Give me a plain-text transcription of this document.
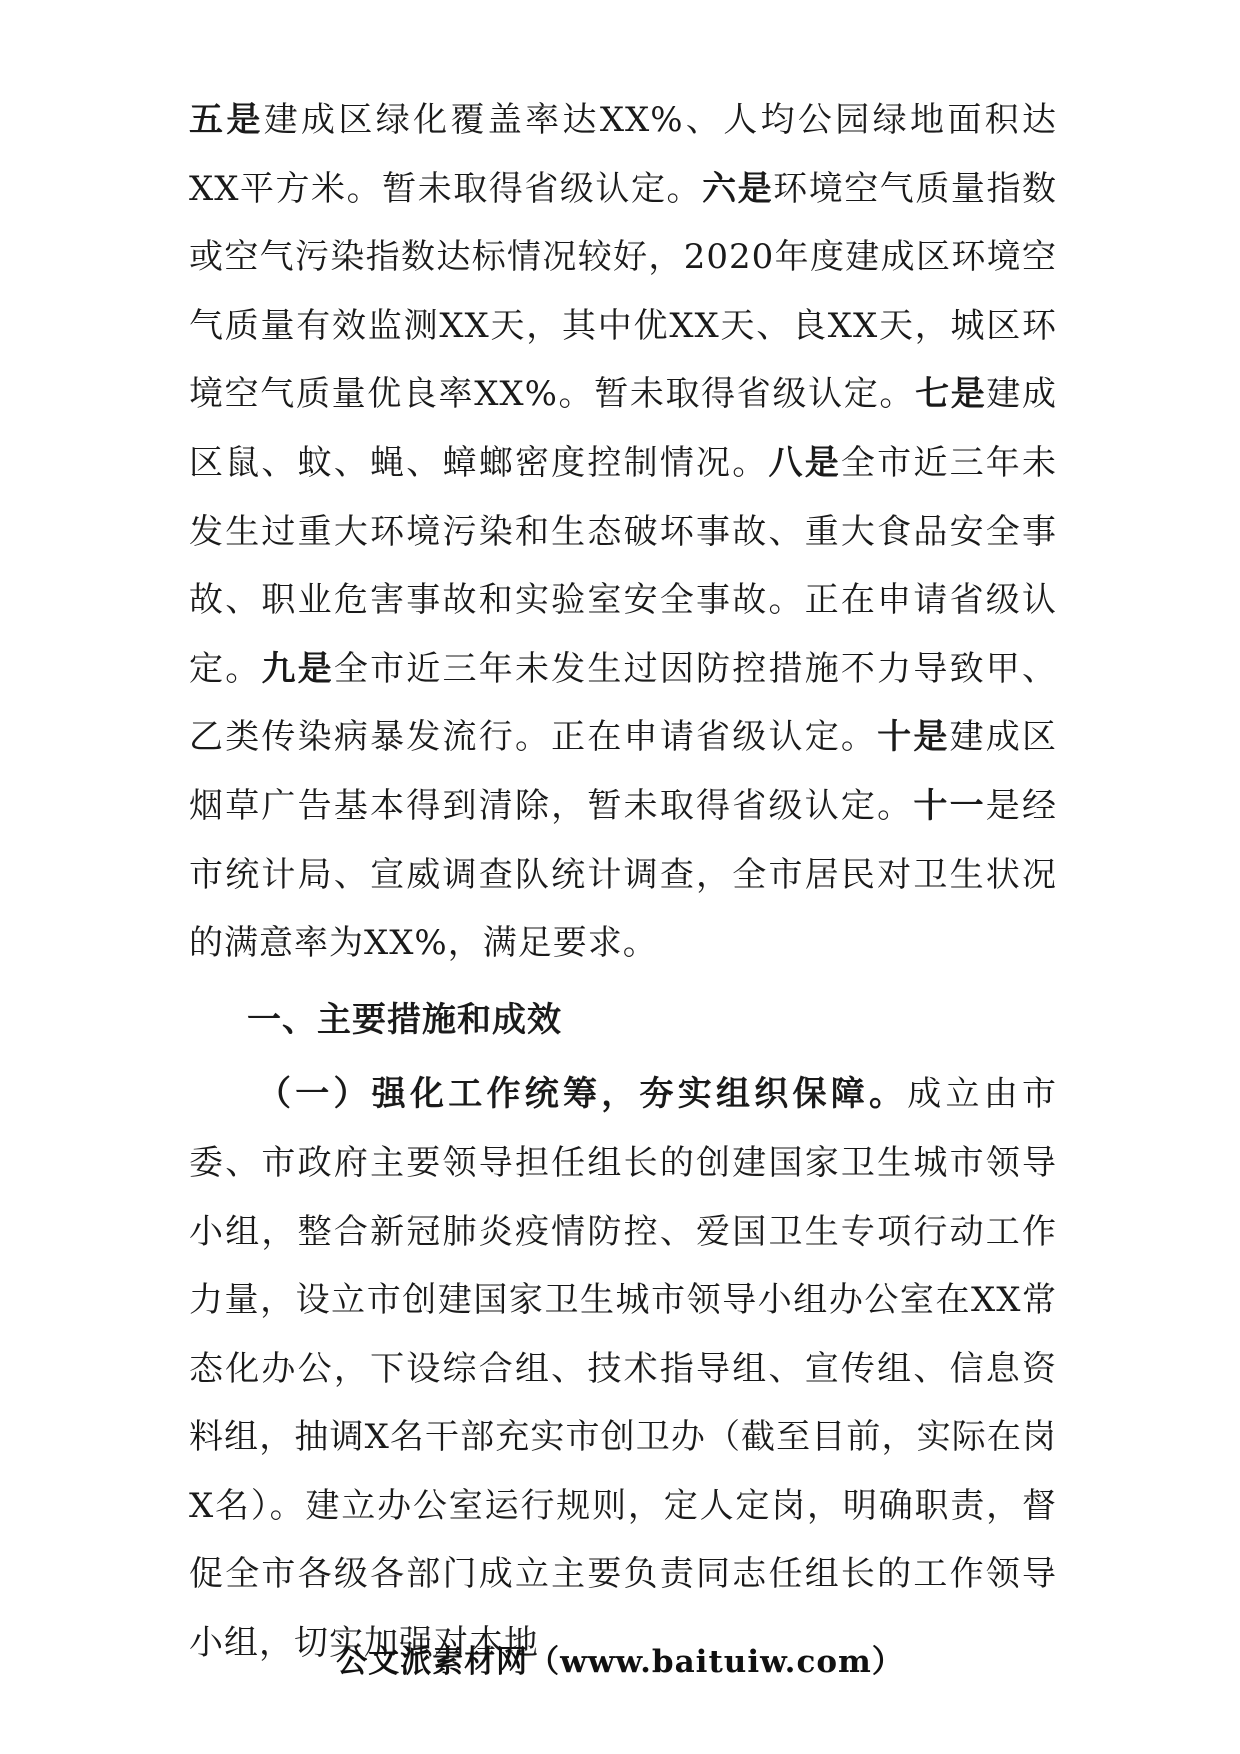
五是建成区绿化覆盖率达XX%、人均公园绿地面积达XX平方米。暂未取得省级认定。六是环境空气质量指数或空气污染指数达标情况较好，2020年度建成区环境空气质量有效监测XX天，其中优XX天、良XX天，城区环境空气质量优良率XX%。暂未取得省级认定。七是建成区鼠、蚊、蝇、蟑螂密度控制情况。八是全市近三年未发生过重大环境污染和生态破坏事故、重大食品安全事故、职业危害事故和实验室安全事故。正在申请省级认定。九是全市近三年未发生过因防控措施不力导致甲、乙类传染病暴发流行。正在申请省级认定。十是建成区烟草广告基本得到清除，暂未取得省级认定。十一是经市统计局、宣威调查队统计调查，全市居民对卫生状况的满意率为XX%，满足要求。

一、主要措施和成效

（一）强化工作统筹，夯实组织保障。成立由市委、市政府主要领导担任组长的创建国家卫生城市领导小组，整合新冠肺炎疫情防控、爱国卫生专项行动工作力量，设立市创建国家卫生城市领导小组办公室在XX常态化办公，下设综合组、技术指导组、宣传组、信息资料组，抽调X名干部充实市创卫办（截至目前，实际在岗X名）。建立办公室运行规则，定人定岗，明确职责，督促全市各级各部门成立主要负责同志任组长的工作领导小组，切实加强对本地

公文派素材网（www.baituiw.com）
